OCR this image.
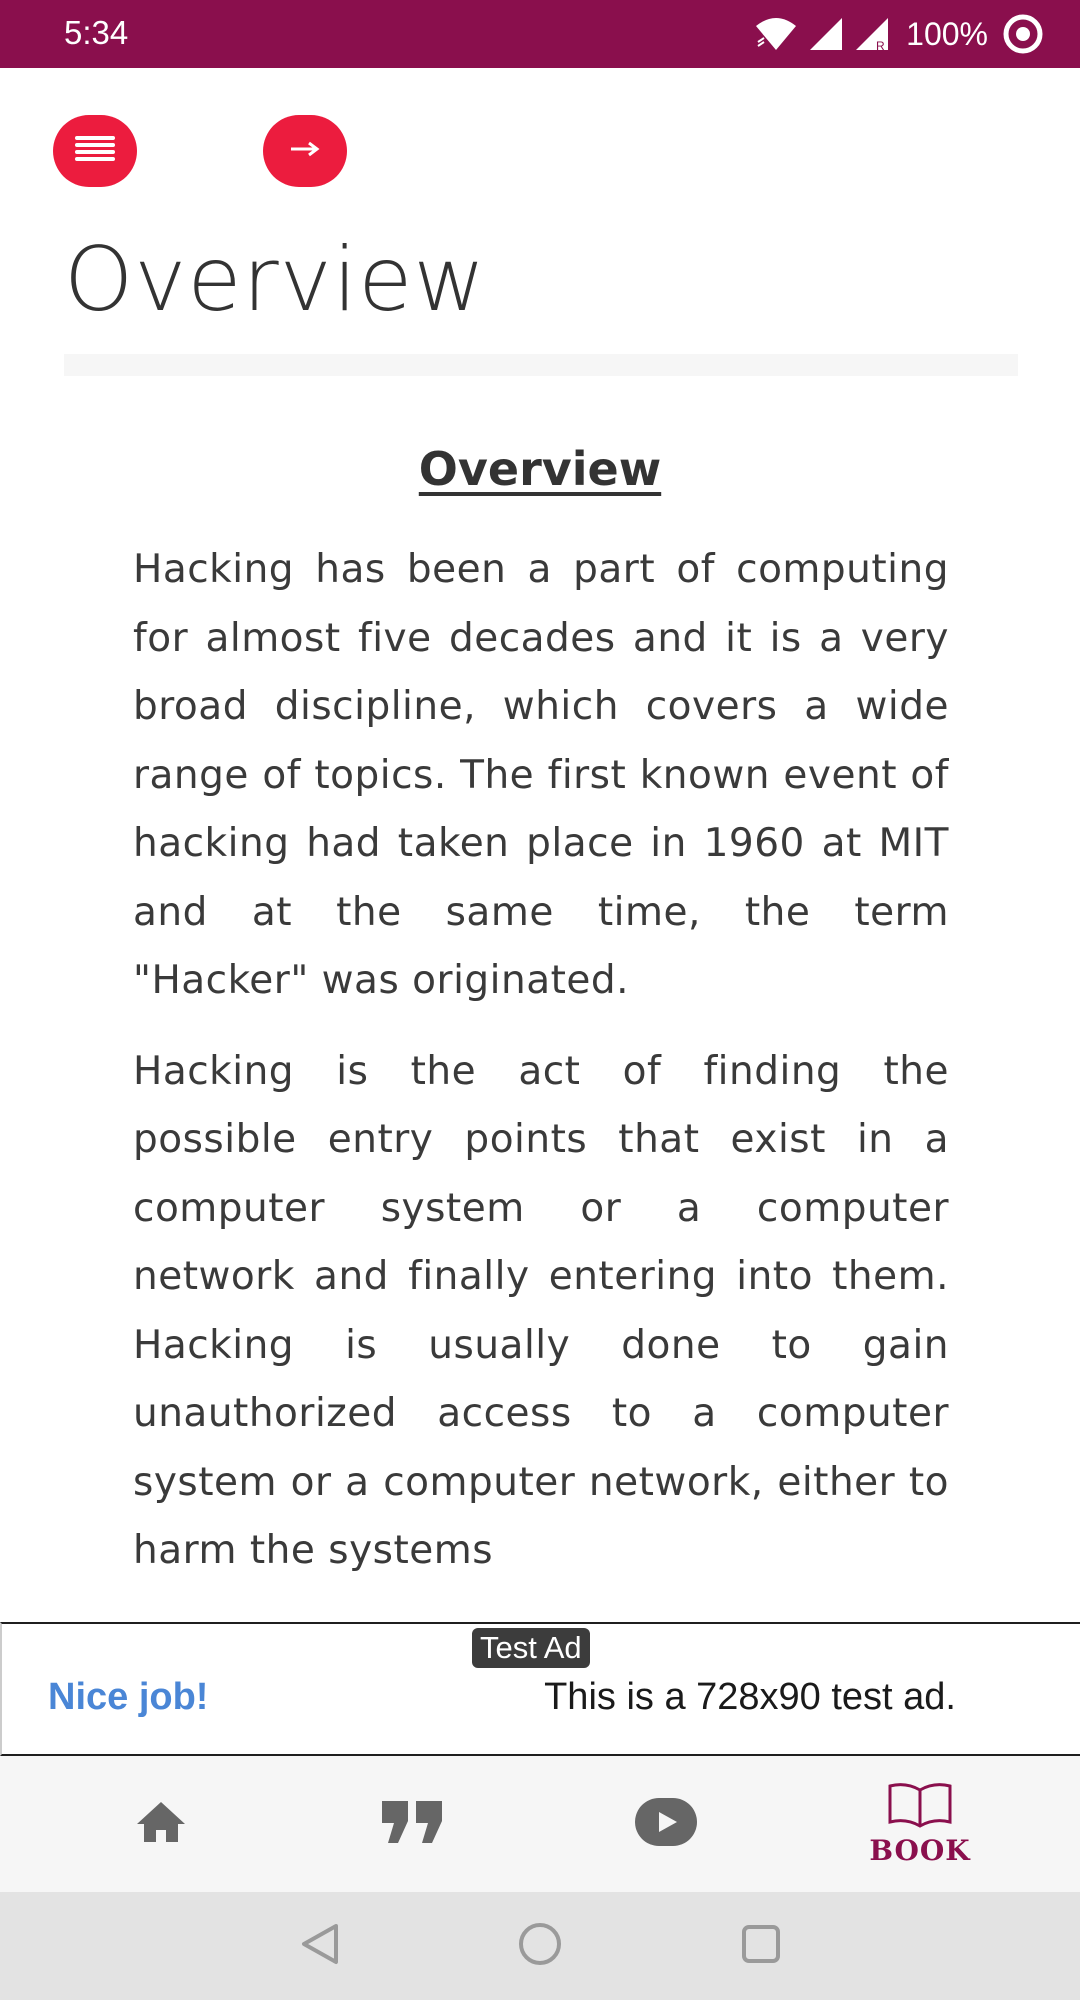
5:34	R 100%
Overview
Overview

Hacking has been a part of computing for almost five decades and it is a very broad discipline, which covers a wide range of topics. The first known event of hacking had taken place in 1960 at MIT and at the same time, the term "Hacker" was originated.

Hacking is the act of finding the possible entry points that exist in a computer system or a computer network and finally entering into them. Hacking is usually done to gain unauthorized access to a computer system or a computer network, either to harm the systems

Test Ad
Nice job!	This is a 728x90 test ad.
BOOK
